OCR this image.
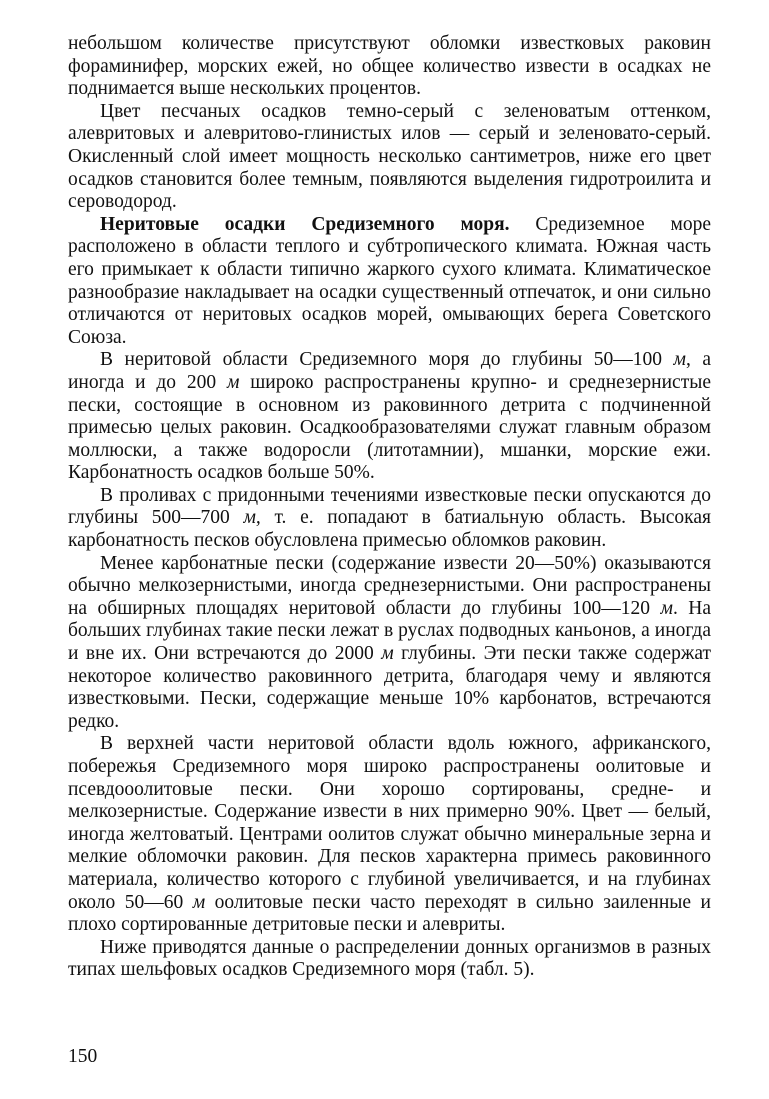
небольшом количестве присутствуют обломки известковых раковин фораминифер, морских ежей, но общее количество извести в осадках не поднимается выше нескольких процентов.

Цвет песчаных осадков темно-серый с зеленоватым оттенком, алевритовых и алевритово-глинистых илов — серый и зеленовато-серый. Окисленный слой имеет мощность несколько сантиметров, ниже его цвет осадков становится более темным, появляются выделения гидротроилита и сероводород.

Неритовые осадки Средиземного моря. Средиземное море расположено в области теплого и субтропического климата. Южная часть его примыкает к области типично жаркого сухого климата. Климатическое разнообразие накладывает на осадки существенный отпечаток, и они сильно отличаются от неритовых осадков морей, омывающих берега Советского Союза.

В неритовой области Средиземного моря до глубины 50—100 м, а иногда и до 200 м широко распространены крупно- и среднезернистые пески, состоящие в основном из раковинного детрита с подчиненной примесью целых раковин. Осадкообразователями служат главным образом моллюски, а также водоросли (литотамнии), мшанки, морские ежи. Карбонатность осадков больше 50%.

В проливах с придонными течениями известковые пески опускаются до глубины 500—700 м, т. е. попадают в батиальную область. Высокая карбонатность песков обусловлена примесью обломков раковин.

Менее карбонатные пески (содержание извести 20—50%) оказываются обычно мелкозернистыми, иногда среднезернистыми. Они распространены на обширных площадях неритовой области до глубины 100—120 м. На больших глубинах такие пески лежат в руслах подводных каньонов, а иногда и вне их. Они встречаются до 2000 м глубины. Эти пески также содержат некоторое количество раковинного детрита, благодаря чему и являются известковыми. Пески, содержащие меньше 10% карбонатов, встречаются редко.

В верхней части неритовой области вдоль южного, африканского, побережья Средиземного моря широко распространены оолитовые и псевдооолитовые пески. Они хорошо сортированы, средне- и мелкозернистые. Содержание извести в них примерно 90%. Цвет — белый, иногда желтоватый. Центрами оолитов служат обычно минеральные зерна и мелкие обломочки раковин. Для песков характерна примесь раковинного материала, количество которого с глубиной увеличивается, и на глубинах около 50—60 м оолитовые пески часто переходят в сильно заиленные и плохо сортированные детритовые пески и алевриты.

Ниже приводятся данные о распределении донных организмов в разных типах шельфовых осадков Средиземного моря (табл. 5).

150
